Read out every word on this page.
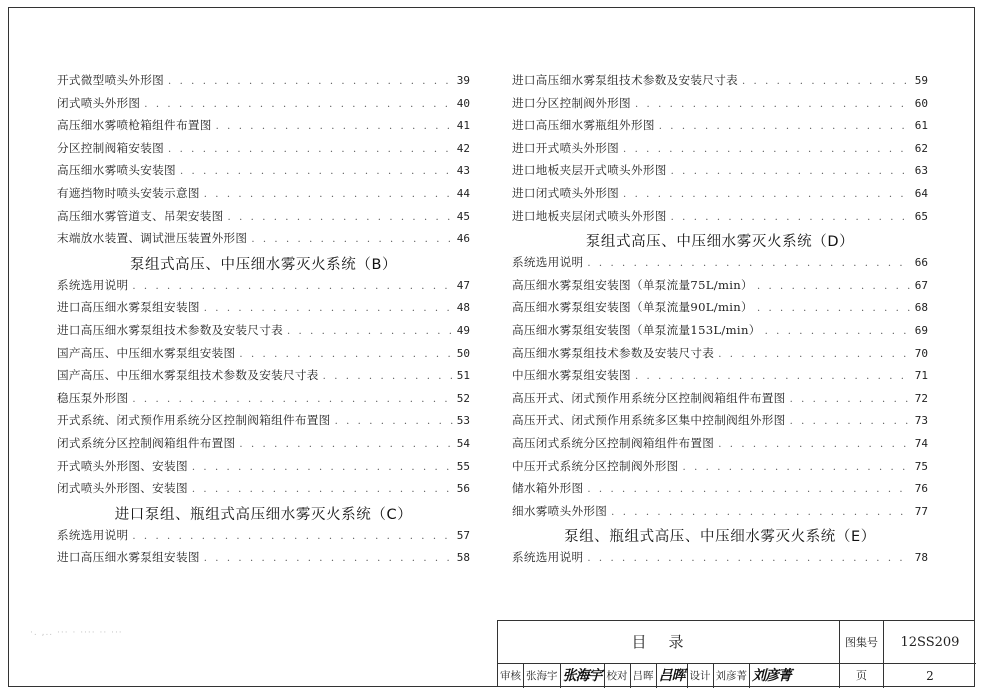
·. ,.. ··· · ···· ·· ···
开式微型喷头外形图 . . .	39
闭式喷头外形图 . . .	40
高压细水雾喷枪箱组件布置图 . . .	41
分区控制阀箱安装图 . . .	42
高压细水雾喷头安装图 . . .	43
有遮挡物时喷头安装示意图 . . .	44
高压细水雾管道支、吊架安装图 . . .	45
末端放水装置、调试泄压装置外形图 . . .	46
泵组式高压、中压细水雾灭火系统（B）
系统选用说明 . . .	47
进口高压细水雾泵组安装图 . . .	48
进口高压细水雾泵组技术参数及安装尺寸表 . . .	49
国产高压、中压细水雾泵组安装图 . . .	50
国产高压、中压细水雾泵组技术参数及安装尺寸表 . . .	51
稳压泵外形图 . . .	52
开式系统、闭式预作用系统分区控制阀箱组件布置图 . . .	53
闭式系统分区控制阀箱组件布置图 . . .	54
开式喷头外形图、安装图 . . .	55
闭式喷头外形图、安装图 . . .	56
进口泵组、瓶组式高压细水雾灭火系统（C）
系统选用说明 . . .	57
进口高压细水雾泵组安装图 . . .	58
进口高压细水雾泵组技术参数及安装尺寸表 . . .	59
进口分区控制阀外形图 . . .	60
进口高压细水雾瓶组外形图 . . .	61
进口开式喷头外形图 . . .	62
进口地板夹层开式喷头外形图 . . .	63
进口闭式喷头外形图 . . .	64
进口地板夹层闭式喷头外形图 . . .	65
泵组式高压、中压细水雾灭火系统（D）
系统选用说明 . . .	66
高压细水雾泵组安装图（单泵流量75L/min） . . .	67
高压细水雾泵组安装图（单泵流量90L/min） . . .	68
高压细水雾泵组安装图（单泵流量153L/min） . . .	69
高压细水雾泵组技术参数及安装尺寸表 . . .	70
中压细水雾泵组安装图 . . .	71
高压开式、闭式预作用系统分区控制阀箱组件布置图 . . .	72
高压开式、闭式预作用系统多区集中控制阀组外形图 . . .	73
高压闭式系统分区控制阀箱组件布置图 . . .	74
中压开式系统分区控制阀外形图 . . .	75
储水箱外形图 . . .	76
细水雾喷头外形图 . . .	77
泵组、瓶组式高压、中压细水雾灭火系统（E）
系统选用说明 . . .	78
目录	图集号	12SS209
审核 张海宇 张海宇 校对 吕晖 吕晖 设计 刘彦菁 刘彦菁	页	2
